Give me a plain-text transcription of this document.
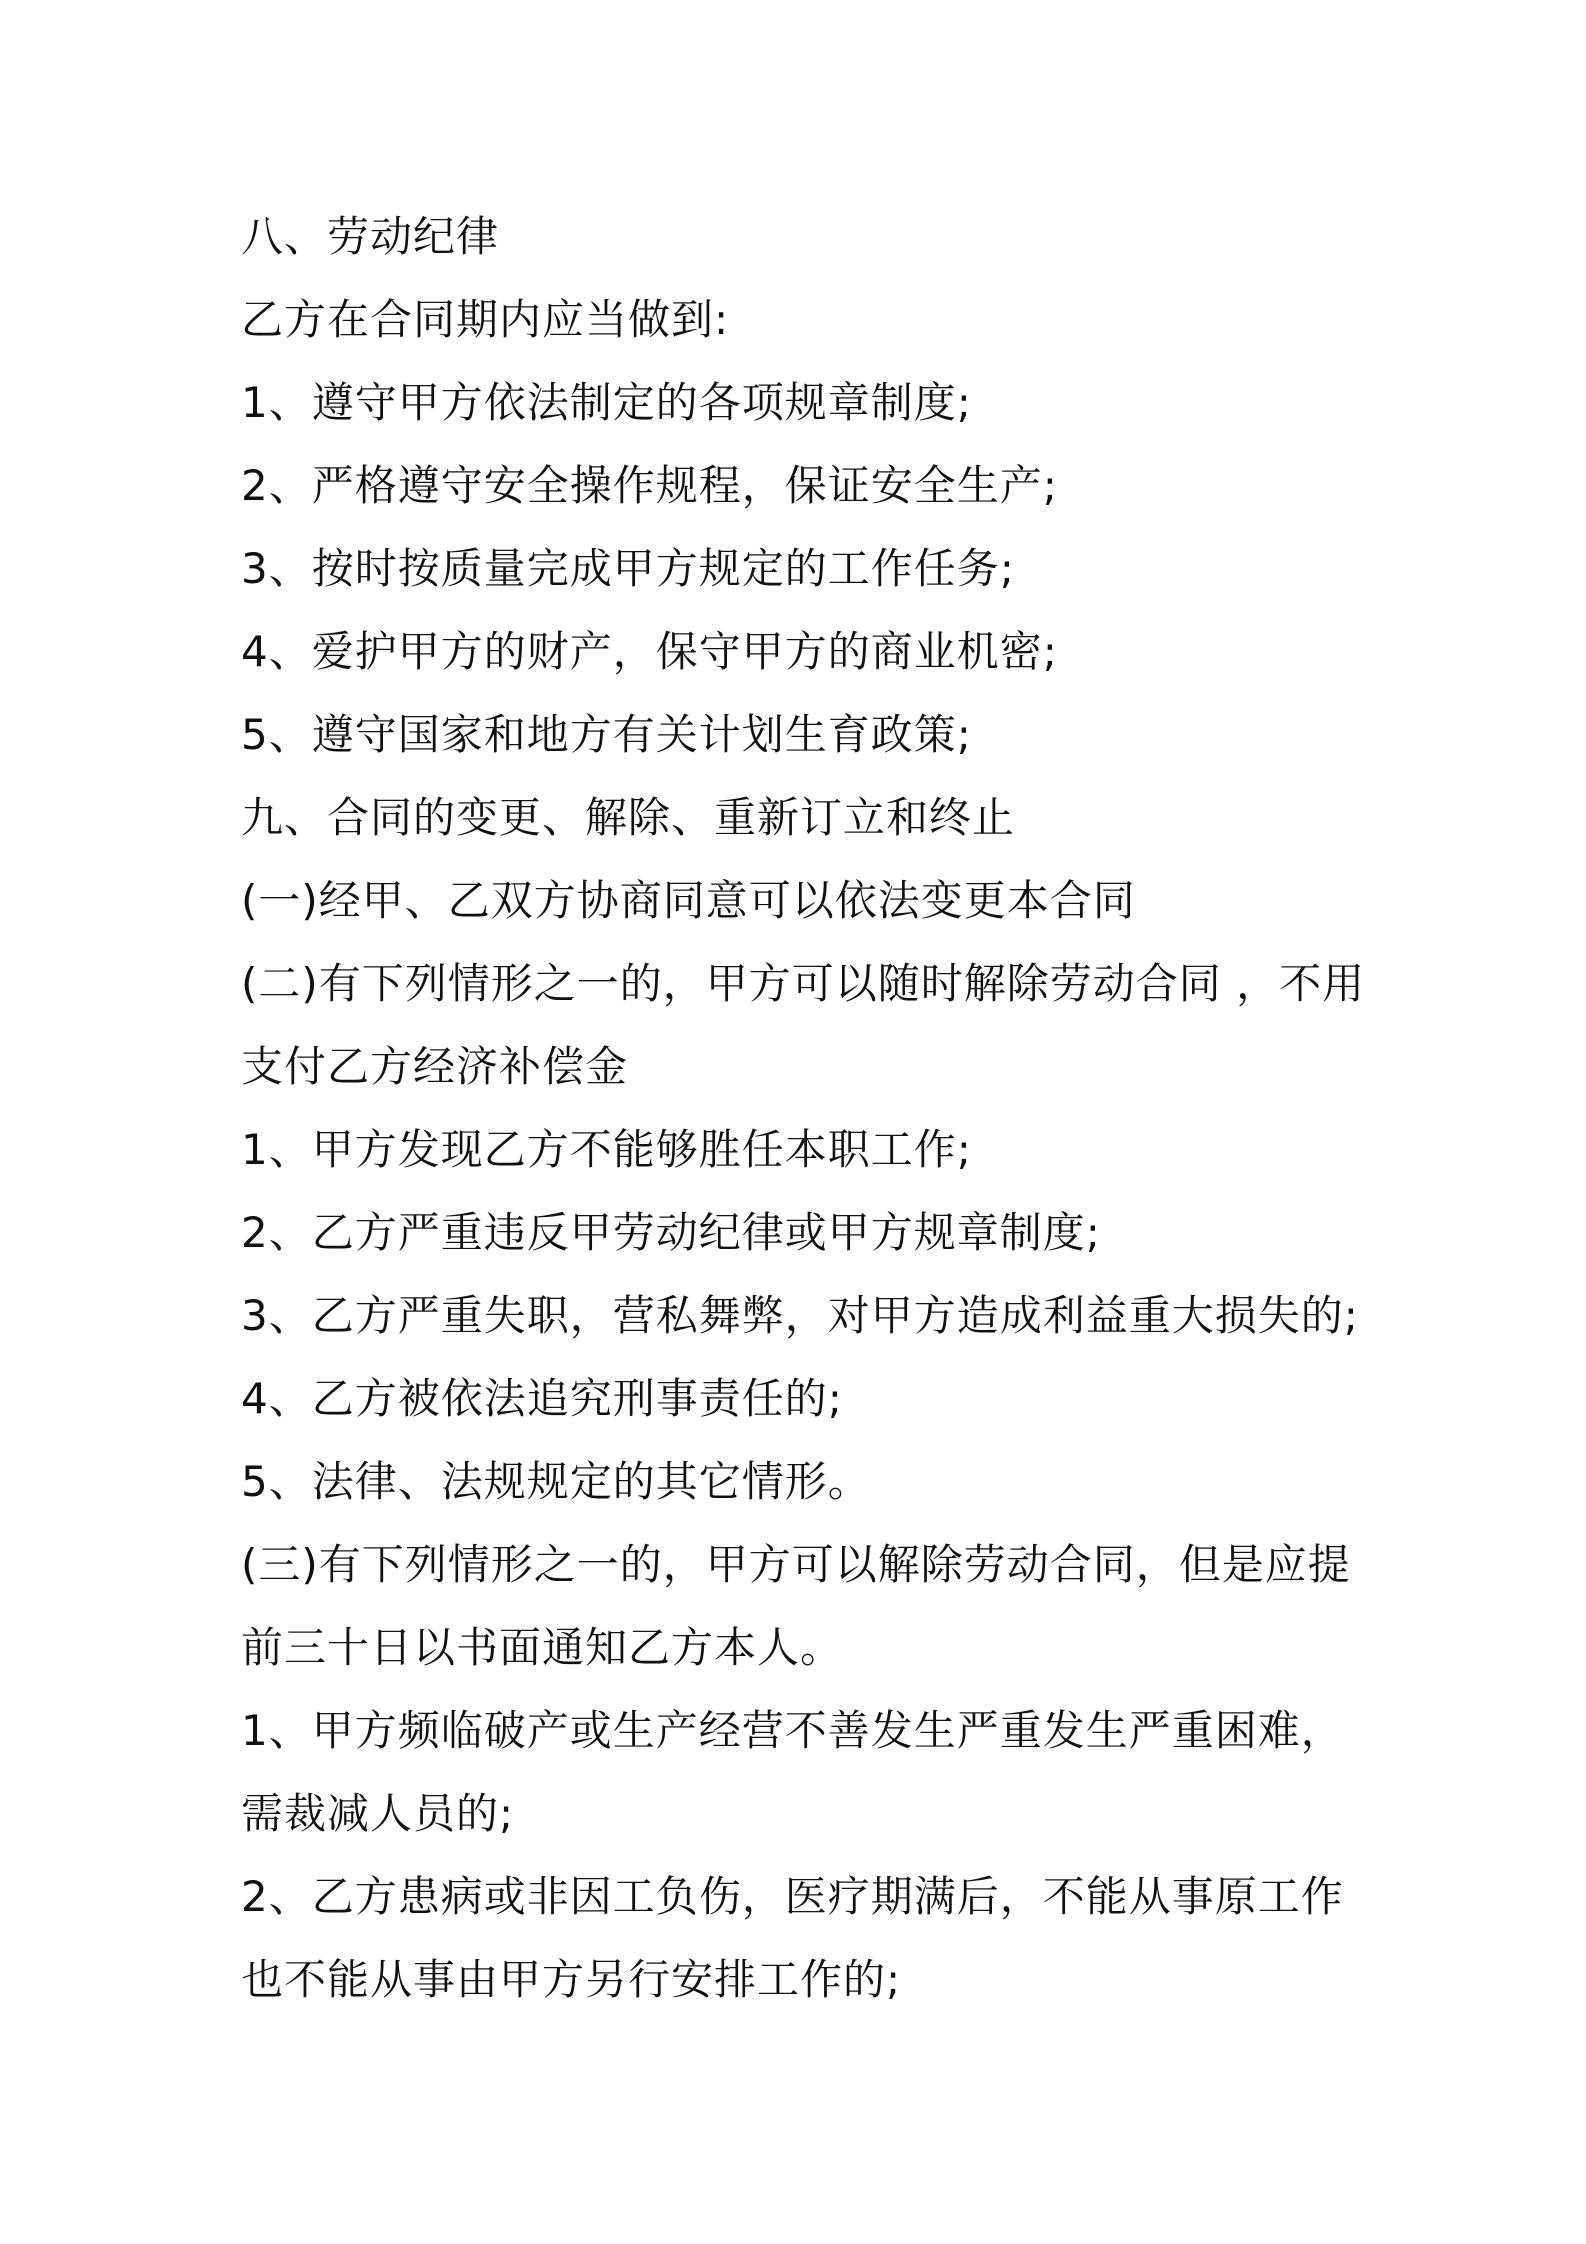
八、劳动纪律
乙方在合同期内应当做到:
1、遵守甲方依法制定的各项规章制度;
2、严格遵守安全操作规程，保证安全生产;
3、按时按质量完成甲方规定的工作任务;
4、爱护甲方的财产，保守甲方的商业机密;
5、遵守国家和地方有关计划生育政策;
九、合同的变更、解除、重新订立和终止
(一)经甲、乙双方协商同意可以依法变更本合同
(二)有下列情形之一的，甲方可以随时解除劳动合同 ，不用
支付乙方经济补偿金
1、甲方发现乙方不能够胜任本职工作;
2、乙方严重违反甲劳动纪律或甲方规章制度;
3、乙方严重失职，营私舞弊，对甲方造成利益重大损失的;
4、乙方被依法追究刑事责任的;
5、法律、法规规定的其它情形。
(三)有下列情形之一的，甲方可以解除劳动合同，但是应提
前三十日以书面通知乙方本人。
1、甲方频临破产或生产经营不善发生严重发生严重困难，
需裁减人员的;
2、乙方患病或非因工负伤，医疗期满后，不能从事原工作
也不能从事由甲方另行安排工作的;
